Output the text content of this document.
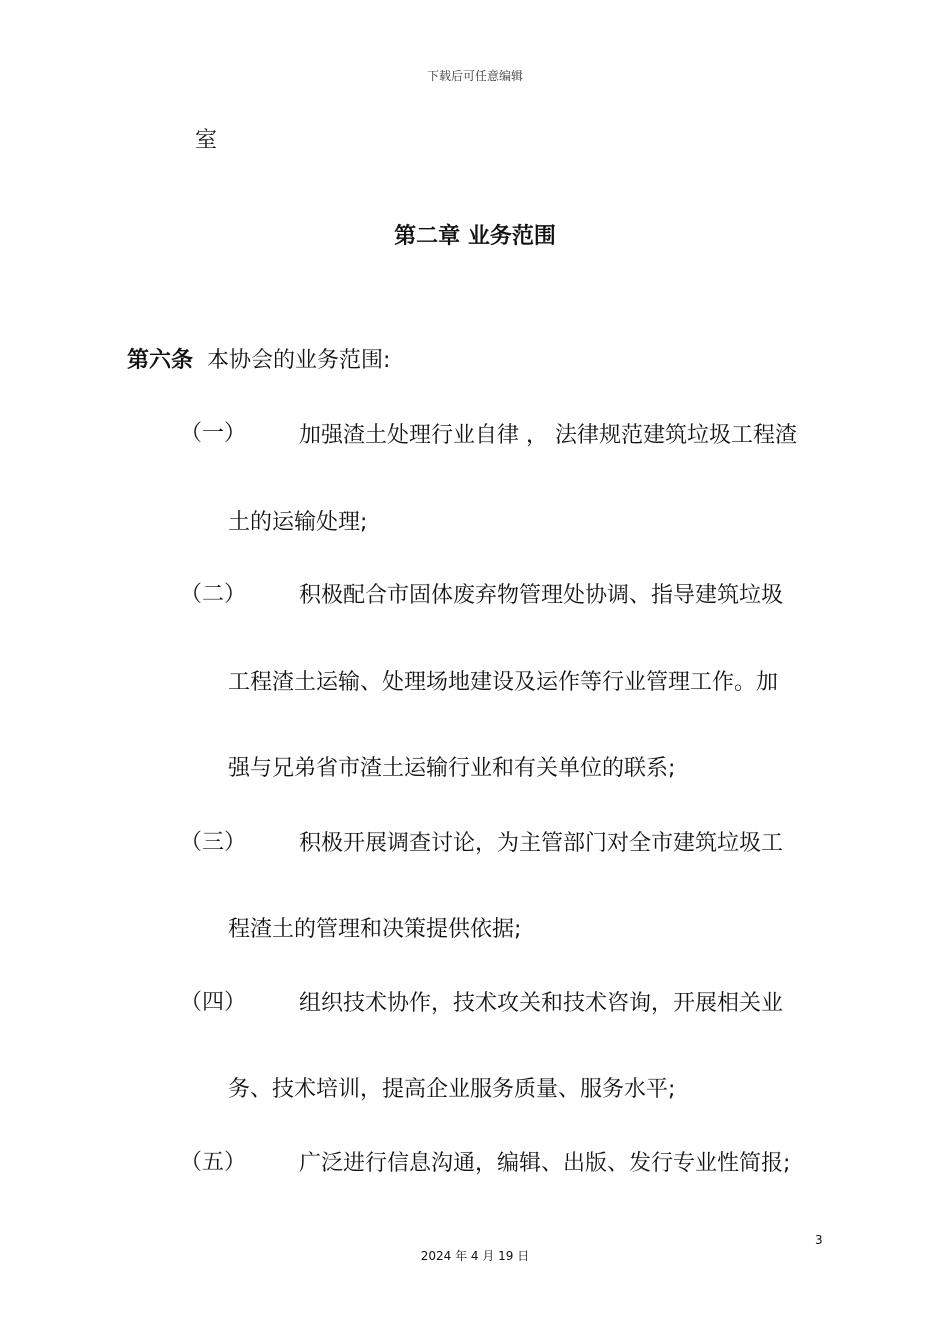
下载后可任意编辑
室
第二章 业务范围
第六条 本协会的业务范围:
（一） 加强渣土处理行业自律 ， 法律规范建筑垃圾工程渣
土的运输处理;
（二） 积极配合市固体废弃物管理处协调、指导建筑垃圾
工程渣土运输、处理场地建设及运作等行业管理工作。加
强与兄弟省市渣土运输行业和有关单位的联系;
（三） 积极开展调查讨论，为主管部门对全市建筑垃圾工
程渣土的管理和决策提供依据;
（四） 组织技术协作，技术攻关和技术咨询，开展相关业
务、技术培训，提高企业服务质量、服务水平;
（五） 广泛进行信息沟通，编辑、出版、发行专业性简报;
3
2024 年 4 月 19 日
